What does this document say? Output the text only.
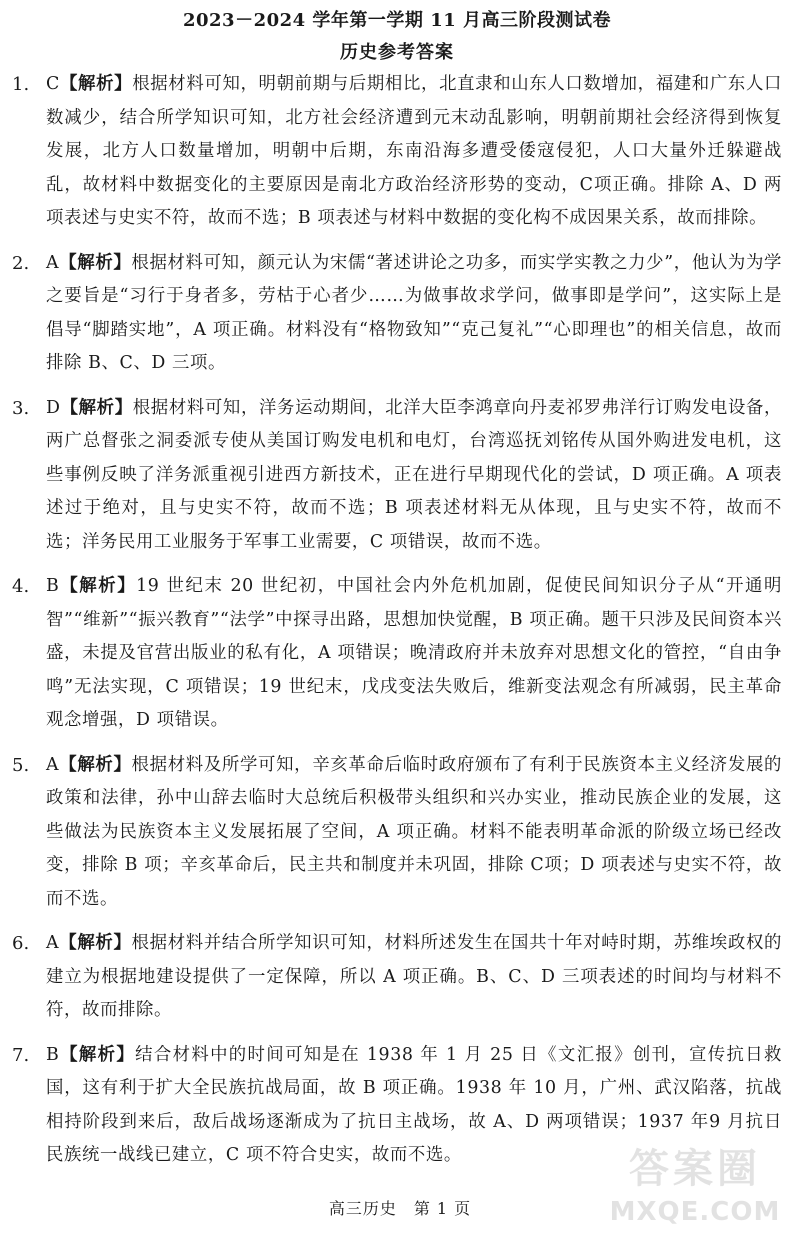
2023－2024 学年第一学期 11 月高三阶段测试卷
历史参考答案
1. C【解析】根据材料可知，明朝前期与后期相比，北直隶和山东人口数增加，福建和广东人口数减少，结合所学知识可知，北方社会经济遭到元末动乱影响，明朝前期社会经济得到恢复发展，北方人口数量增加，明朝中后期，东南沿海多遭受倭寇侵犯，人口大量外迁躲避战乱，故材料中数据变化的主要原因是南北方政治经济形势的变动，C项正确。排除 A、D 两项表述与史实不符，故而不选；B 项表述与材料中数据的变化构不成因果关系，故而排除。
2. A【解析】根据材料可知，颜元认为宋儒“著述讲论之功多，而实学实教之力少”，他认为为学之要旨是“习行于身者多，劳枯于心者少……为做事故求学问，做事即是学问”，这实际上是倡导“脚踏实地”，A 项正确。材料没有“格物致知”“克己复礼”“心即理也”的相关信息，故而排除 B、C、D 三项。
3. D【解析】根据材料可知，洋务运动期间，北洋大臣李鸿章向丹麦祁罗弗洋行订购发电设备，两广总督张之洞委派专使从美国订购发电机和电灯，台湾巡抚刘铭传从国外购进发电机，这些事例反映了洋务派重视引进西方新技术，正在进行早期现代化的尝试，D 项正确。A 项表述过于绝对，且与史实不符，故而不选；B 项表述材料无从体现，且与史实不符，故而不选；洋务民用工业服务于军事工业需要，C 项错误，故而不选。
4. B【解析】19 世纪末 20 世纪初，中国社会内外危机加剧，促使民间知识分子从“开通明智”“维新”“振兴教育”“法学”中探寻出路，思想加快觉醒，B 项正确。题干只涉及民间资本兴盛，未提及官营出版业的私有化，A 项错误；晚清政府并未放弃对思想文化的管控，“自由争鸣”无法实现，C 项错误；19 世纪末，戊戌变法失败后，维新变法观念有所减弱，民主革命观念增强，D 项错误。
5. A【解析】根据材料及所学可知，辛亥革命后临时政府颁布了有利于民族资本主义经济发展的政策和法律，孙中山辞去临时大总统后积极带头组织和兴办实业，推动民族企业的发展，这些做法为民族资本主义发展拓展了空间，A 项正确。材料不能表明革命派的阶级立场已经改变，排除 B 项；辛亥革命后，民主共和制度并未巩固，排除 C项；D 项表述与史实不符，故而不选。
6. A【解析】根据材料并结合所学知识可知，材料所述发生在国共十年对峙时期，苏维埃政权的建立为根据地建设提供了一定保障，所以 A 项正确。B、C、D 三项表述的时间均与材料不符，故而排除。
7. B【解析】结合材料中的时间可知是在 1938 年 1 月 25 日《文汇报》创刊，宣传抗日救国，这有利于扩大全民族抗战局面，故 B 项正确。1938 年 10 月，广州、武汉陷落，抗战相持阶段到来后，敌后战场逐渐成为了抗日主战场，故 A、D 两项错误；1937 年9 月抗日民族统一战线已建立，C 项不符合史实，故而不选。
高三历史　第 1 页
答案圈
MXQE.COM
